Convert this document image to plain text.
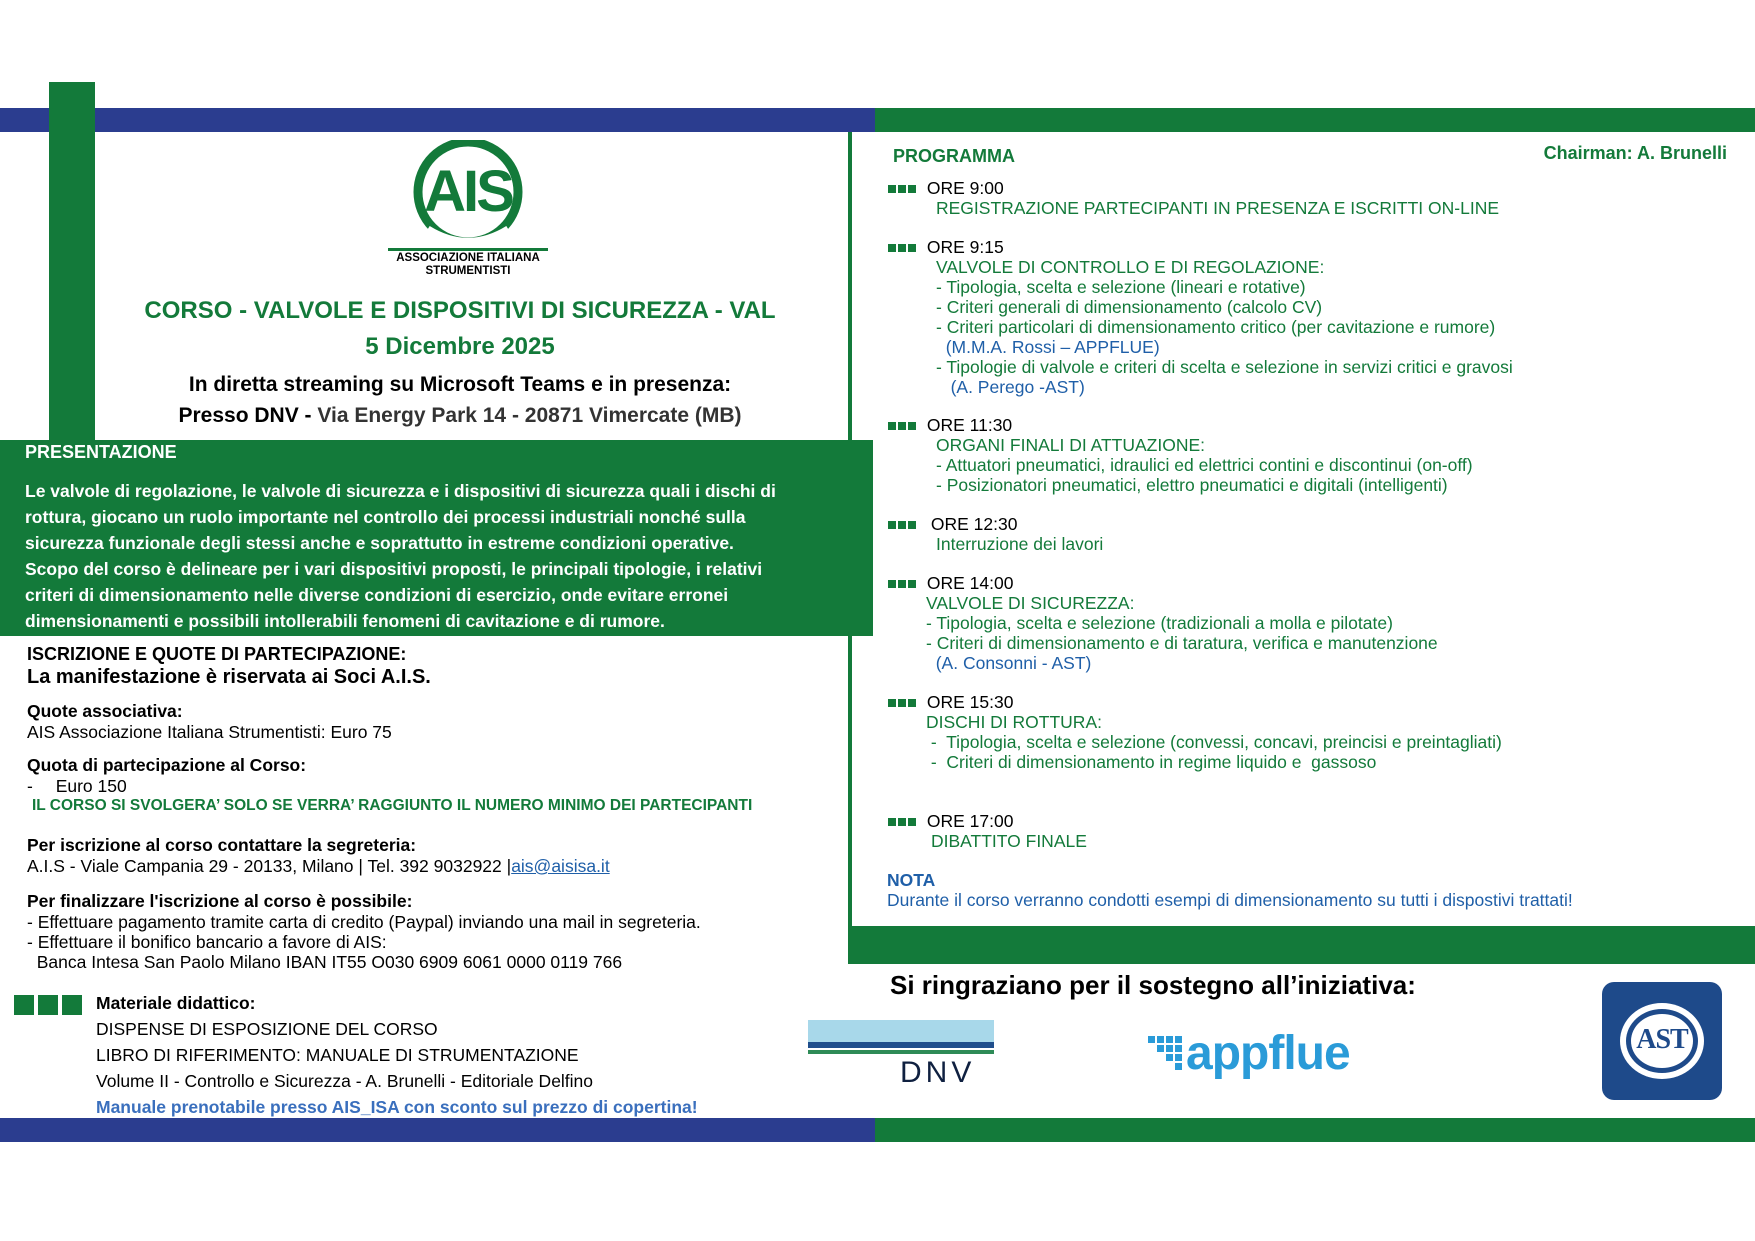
AIS
ASSOCIAZIONE ITALIANA
STRUMENTISTI
CORSO - VALVOLE E DISPOSITIVI DI SICUREZZA - VAL
5 Dicembre 2025
In diretta streaming su Microsoft Teams e in presenza:
Presso DNV - Via Energy Park 14 - 20871 Vimercate (MB)
PRESENTAZIONE
Le valvole di regolazione, le valvole di sicurezza e i dispositivi di sicurezza quali i dischi di
rottura, giocano un ruolo importante nel controllo dei processi industriali nonché sulla
sicurezza funzionale degli stessi anche e soprattutto in estreme condizioni operative.
Scopo del corso è delineare per i vari dispositivi proposti, le principali tipologie, i relativi
criteri di dimensionamento nelle diverse condizioni di esercizio, onde evitare erronei
dimensionamenti e possibili intollerabili fenomeni di cavitazione e di rumore.
ISCRIZIONE E QUOTE DI PARTECIPAZIONE:
La manifestazione è riservata ai Soci A.I.S.
Quote associativa:
AIS Associazione Italiana Strumentisti: Euro 75
Quota di partecipazione al Corso:
- Euro 150
IL CORSO SI SVOLGERA’ SOLO SE VERRA’ RAGGIUNTO IL NUMERO MINIMO DEI PARTECIPANTI
Per iscrizione al corso contattare la segreteria:
A.I.S - Viale Campania 29 - 20133, Milano | Tel. 392 9032922 |ais@aisisa.it
Per finalizzare l'iscrizione al corso è possibile:
- Effettuare pagamento tramite carta di credito (Paypal) inviando una mail in segreteria.
- Effettuare il bonifico bancario a favore di AIS:
Banca Intesa San Paolo Milano IBAN IT55 O030 6909 6061 0000 0119 766
Materiale didattico:
DISPENSE DI ESPOSIZIONE DEL CORSO
LIBRO DI RIFERIMENTO: MANUALE DI STRUMENTAZIONE
Volume II - Controllo e Sicurezza - A. Brunelli - Editoriale Delfino
Manuale prenotabile presso AIS_ISA con sconto sul prezzo di copertina!
PROGRAMMA	Chairman: A. Brunelli
ORE 9:00
REGISTRAZIONE PARTECIPANTI IN PRESENZA E ISCRITTI ON-LINE
ORE 9:15
VALVOLE DI CONTROLLO E DI REGOLAZIONE:
- Tipologia, scelta e selezione (lineari e rotative)
- Criteri generali di dimensionamento (calcolo CV)
- Criteri particolari di dimensionamento critico (per cavitazione e rumore)
(M.M.A. Rossi – APPFLUE)
- Tipologie di valvole e criteri di scelta e selezione in servizi critici e gravosi
(A. Perego -AST)
ORE 11:30
ORGANI FINALI DI ATTUAZIONE:
- Attuatori pneumatici, idraulici ed elettrici contini e discontinui (on-off)
- Posizionatori pneumatici, elettro pneumatici e digitali (intelligenti)
ORE 12:30
Interruzione dei lavori
ORE 14:00
VALVOLE DI SICUREZZA:
- Tipologia, scelta e selezione (tradizionali a molla e pilotate)
- Criteri di dimensionamento e di taratura, verifica e manutenzione
(A. Consonni - AST)
ORE 15:30
DISCHI DI ROTTURA:
-  Tipologia, scelta e selezione (convessi, concavi, preincisi e preintagliati)
-  Criteri di dimensionamento in regime liquido e  gassoso
ORE 17:00
DIBATTITO FINALE
NOTA
Durante il corso verranno condotti esempi di dimensionamento su tutti i dispostivi trattati!
Si ringraziano per il sostegno all’iniziativa:
DNV	appflue	AST
